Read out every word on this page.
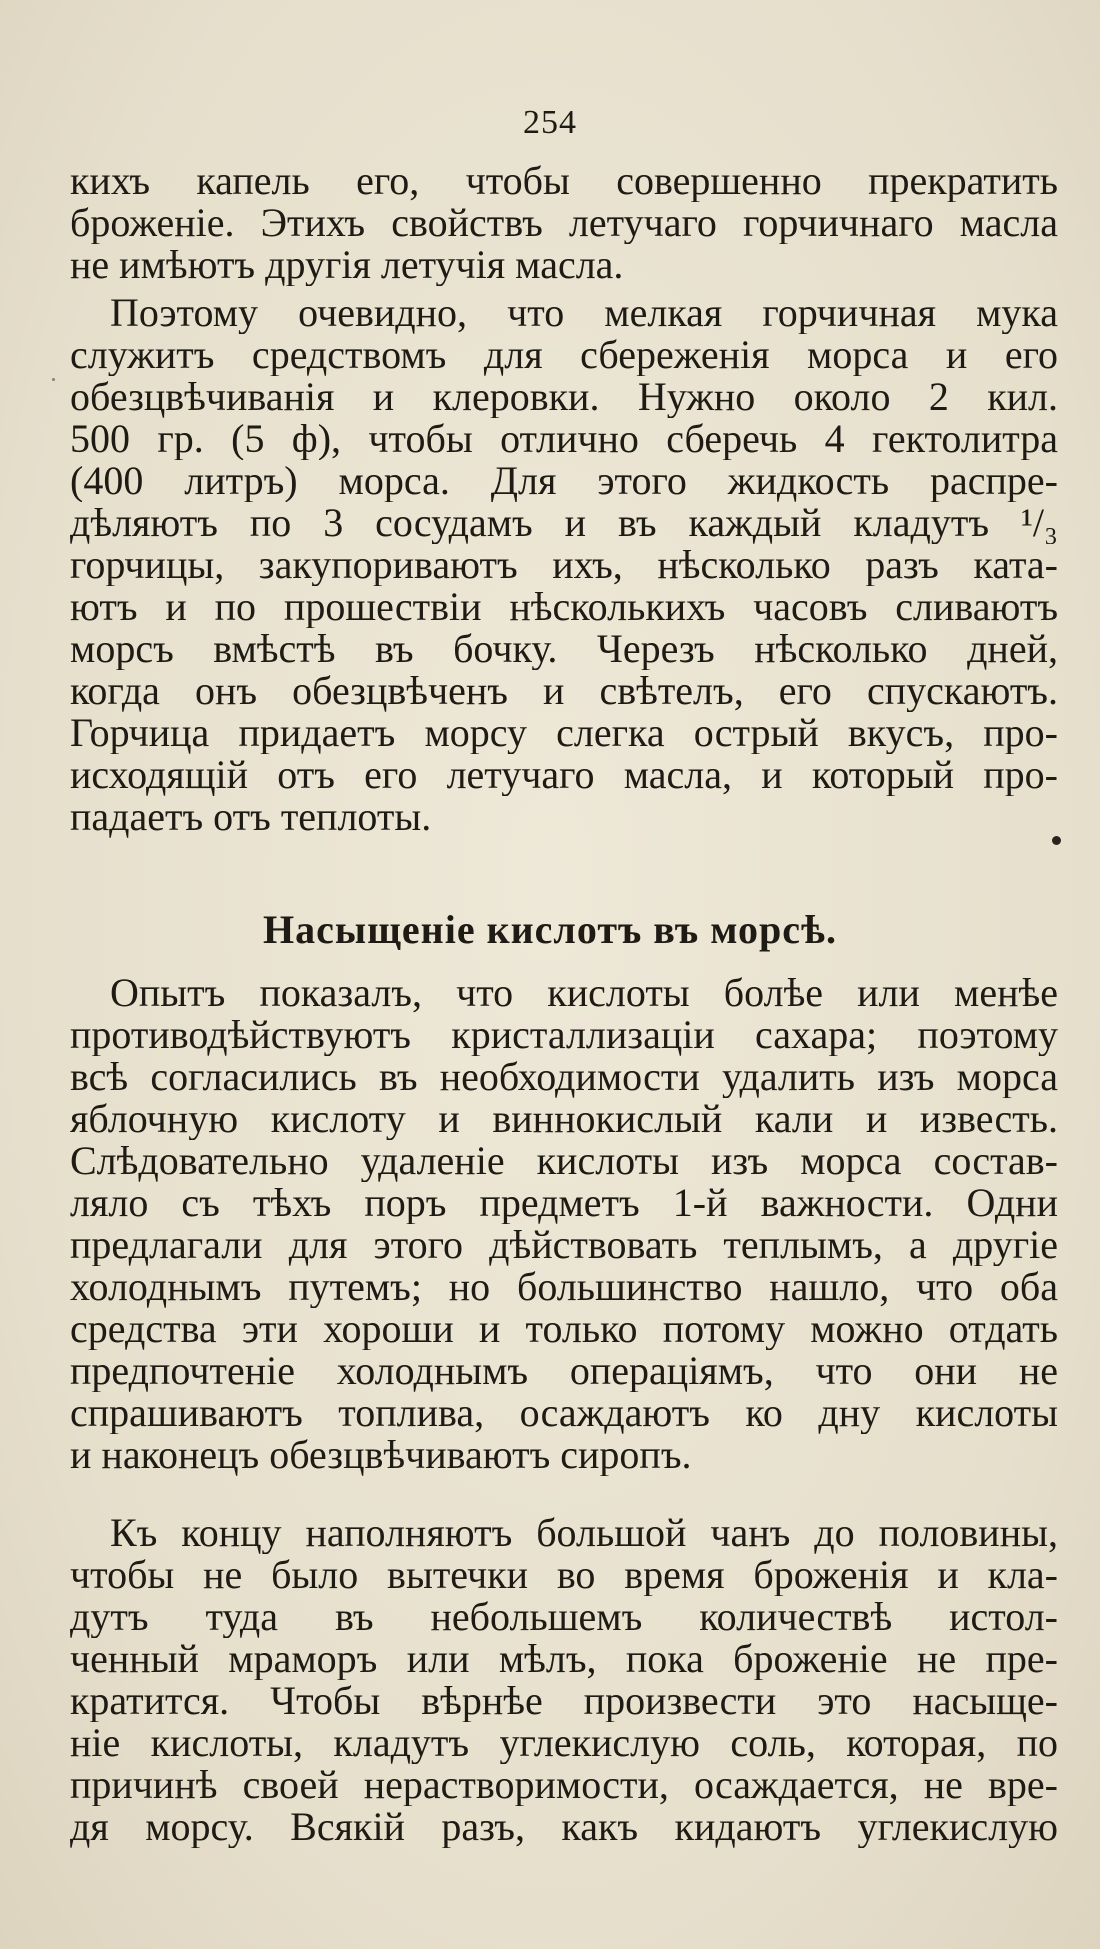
254
кихъ капель его, чтобы совершенно прекратить
броженіе. Этихъ свойствъ летучаго горчичнаго масла
не имѣютъ другія летучія масла.
Поэтому очевидно, что мелкая горчичная мука
служитъ средствомъ для сбереженія морса и его
обезцвѣчиванія и клеровки. Нужно около 2 кил.
500 гр. (5 ф), чтобы отлично сберечь 4 гектолитра
(400 литръ) морса. Для этого жидкость распре-
дѣляютъ по 3 сосудамъ и въ каждый кладутъ ¹/₃
горчицы, закупориваютъ ихъ, нѣсколько разъ ката-
ютъ и по прошествіи нѣсколькихъ часовъ сливаютъ
морсъ вмѣстѣ въ бочку. Черезъ нѣсколько дней,
когда онъ обезцвѣченъ и свѣтелъ, его спускаютъ.
Горчица придаетъ морсу слегка острый вкусъ, про-
исходящій отъ его летучаго масла, и который про-
падаетъ отъ теплоты.
Насыщеніе кислотъ въ морсѣ.
Опытъ показалъ, что кислоты болѣе или менѣе
противодѣйствуютъ кристаллизаціи сахара; поэтому
всѣ согласились въ необходимости удалить изъ морса
яблочную кислоту и виннокислый кали и известь.
Слѣдовательно удаленіе кислоты изъ морса состав-
ляло съ тѣхъ поръ предметъ 1-й важности. Одни
предлагали для этого дѣйствовать теплымъ, а другіе
холоднымъ путемъ; но большинство нашло, что оба
средства эти хороши и только потому можно отдать
предпочтеніе холоднымъ операціямъ, что они не
спрашиваютъ топлива, осаждаютъ ко дну кислоты
и наконецъ обезцвѣчиваютъ сиропъ.
Къ концу наполняютъ большой чанъ до половины,
чтобы не было вытечки во время броженія и кла-
дутъ туда въ небольшемъ количествѣ истол-
ченный мраморъ или мѣлъ, пока броженіе не пре-
кратится. Чтобы вѣрнѣе произвести это насыще-
ніе кислоты, кладутъ углекислую соль, которая, по
причинѣ своей нерастворимости, осаждается, не вре-
дя морсу. Всякій разъ, какъ кидаютъ углекислую
